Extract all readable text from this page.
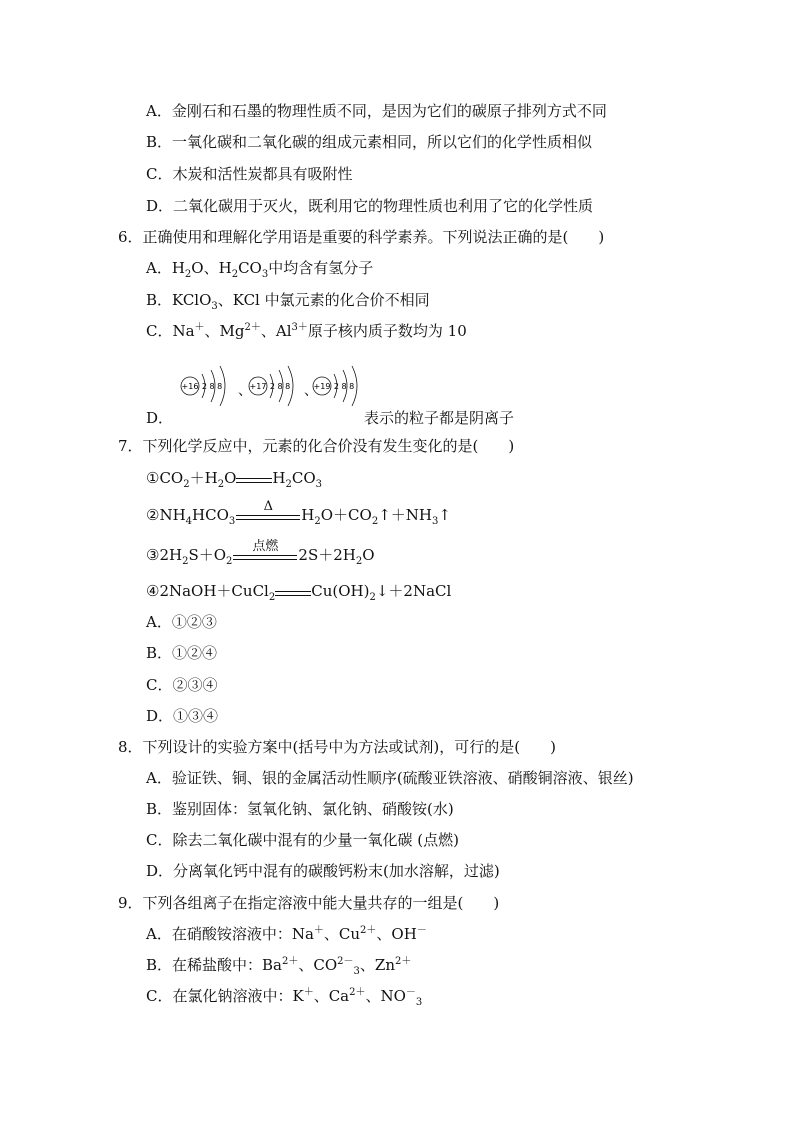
A．金刚石和石墨的物理性质不同，是因为它们的碳原子排列方式不同
B．一氧化碳和二氧化碳的组成元素相同，所以它们的化学性质相似
C．木炭和活性炭都具有吸附性
D．二氧化碳用于灭火，既利用它的物理性质也利用了它的化学性质
6．正确使用和理解化学用语是重要的科学素养。下列说法正确的是(　　)
A．$H_2O$、$H_2CO_3$中均含有氢分子
B．KClO$_3$、KCl 中氯元素的化合价不相同
C．Na＋、$Mg^{2+}$、$Al^{3+}$原子核内质子数均为 10
+16 2 8 8 、
+17 2 8 8 、
+19 2 8 8
D．	表示的粒子都是阴离子
7．下列化学反应中，元素的化合价没有发生变化的是(　　)
$①CO_2+H_2O$ $H_2CO_3$
$②NH_4HCO_3$
Δ	$H_2O+CO_2↑+NH_3↑$
$③2H_2S+O_2$
点燃	$2S+2H_2O$
④2NaOH＋CuCl$_2$ $Cu(OH)_2↓+2NaCl$
A．①②③
B．①②④
C．②③④
D．①③④
8．下列设计的实验方案中(括号中为方法或试剂)，可行的是(　　)
A．验证铁、铜、银的金属活动性顺序(硫酸亚铁溶液、硝酸铜溶液、银丝)
B．鉴别固体：氢氧化钠、氯化钠、硝酸铵(水)
C．除去二氧化碳中混有的少量一氧化碳 (点燃)
D．分离氧化钙中混有的碳酸钙粉末(加水溶解，过滤)
9．下列各组离子在指定溶液中能大量共存的一组是(　　)
A．在硝酸铵溶液中：Na＋、$Cu^{2+}$、OH－
B．在稀盐酸中：$Ba^{2+}$、$CO^{2-}_3$、$Zn^{2+}$
C．在氯化钠溶液中：K＋、$Ca^{2+}$、$NO^-_3$
